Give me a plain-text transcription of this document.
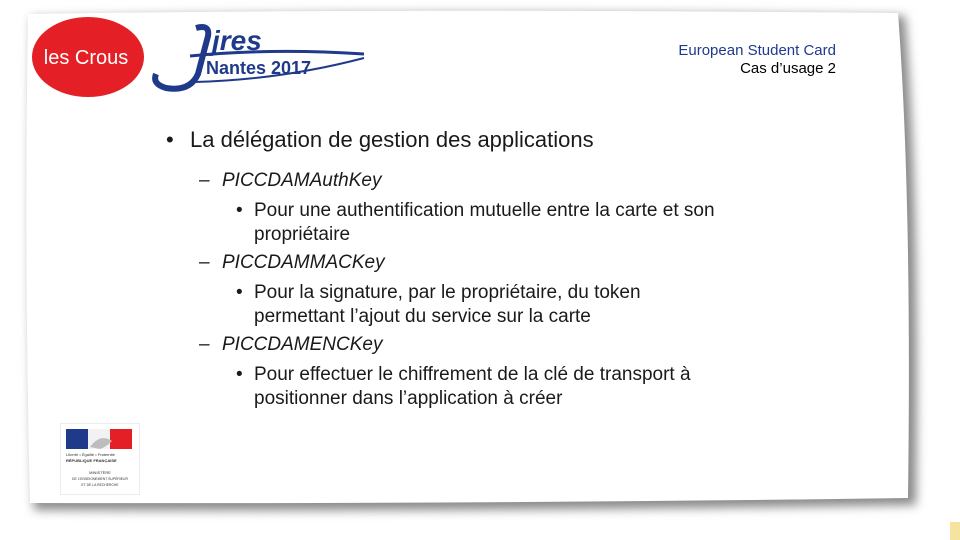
les Crous
jres
Nantes 2017
European Student Card
Cas d’usage 2
• La délégation de gestion des applications
– PICCDAMAuthKey
• Pour une authentification mutuelle entre la carte et son
propriétaire
– PICCDAMMACKey
• Pour la signature, par le propriétaire, du token
permettant l’ajout du service sur la carte
– PICCDAMENCKey
• Pour effectuer le chiffrement de la clé de transport à
positionner dans l’application à créer
Liberté • Égalité • Fraternité
RÉPUBLIQUE FRANÇAISE
MINISTÈRE
DE L’ENSEIGNEMENT SUPÉRIEUR
ET DE LA RECHERCHE
